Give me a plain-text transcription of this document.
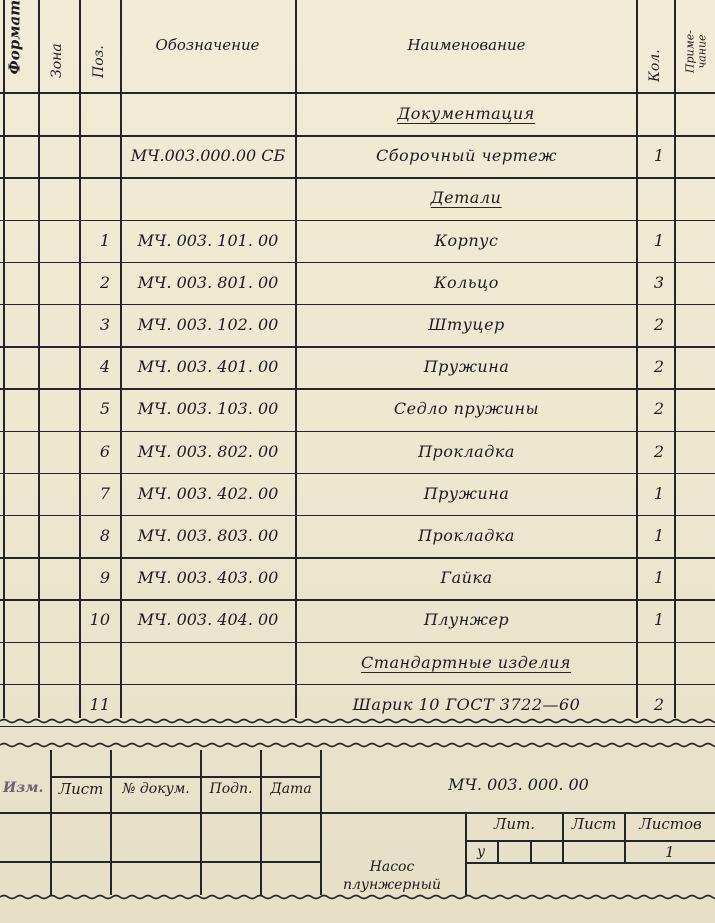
Формат Зона Поз.
Обозначение	Наименование
Кол. Приме-
чание
Документация
МЧ.003.000.00 СБ	Сборочный чертеж	1
Детали
1	МЧ. 003. 101. 00	Корпус	1
2	МЧ. 003. 801. 00	Кольцо	3
3	МЧ. 003. 102. 00	Штуцер	2
4	МЧ. 003. 401. 00	Пружина	2
5	МЧ. 003. 103. 00	Седло пружины	2
6	МЧ. 003. 802. 00	Прокладка	2
7	МЧ. 003. 402. 00	Пружина	1
8	МЧ. 003. 803. 00	Прокладка	1
9	МЧ. 003. 403. 00	Гайка	1
10	МЧ. 003. 404. 00	Плунжер	1
Стандартные изделия
11	Шарик 10 ГОСТ 3722—60	2
Изм.	Лист	№ докум.	Подп.	Дата	МЧ. 003. 000. 00
Насос
плунжерный
Лит.	Лист	Листов
у	1
